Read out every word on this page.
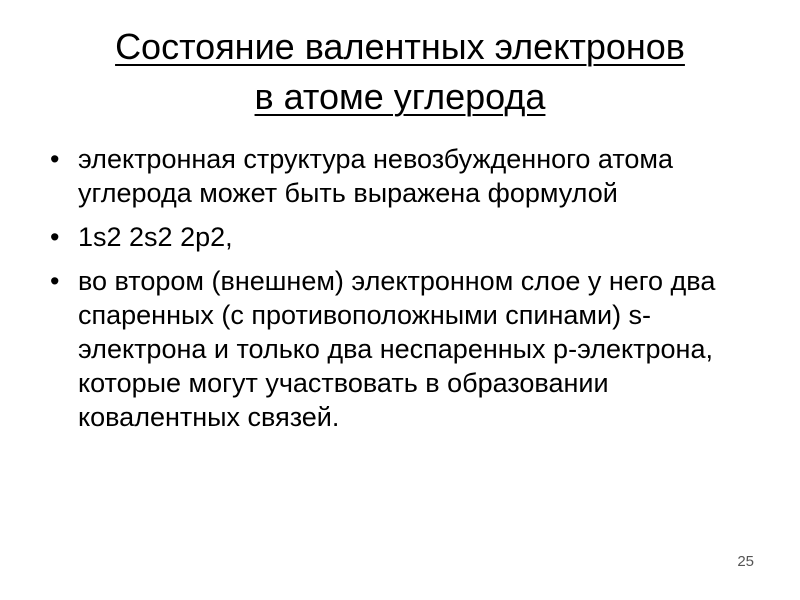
Состояние валентных электронов
в атоме углерода
• электронная структура невозбужденного атома углерода может быть выражена формулой
• 1s2 2s2 2p2,
• во втором (внешнем) электронном слое у него два спаренных (с противоположными спинами) s- электрона и только два неспаренных p-электрона, которые могут участвовать в образовании ковалентных связей.
25
